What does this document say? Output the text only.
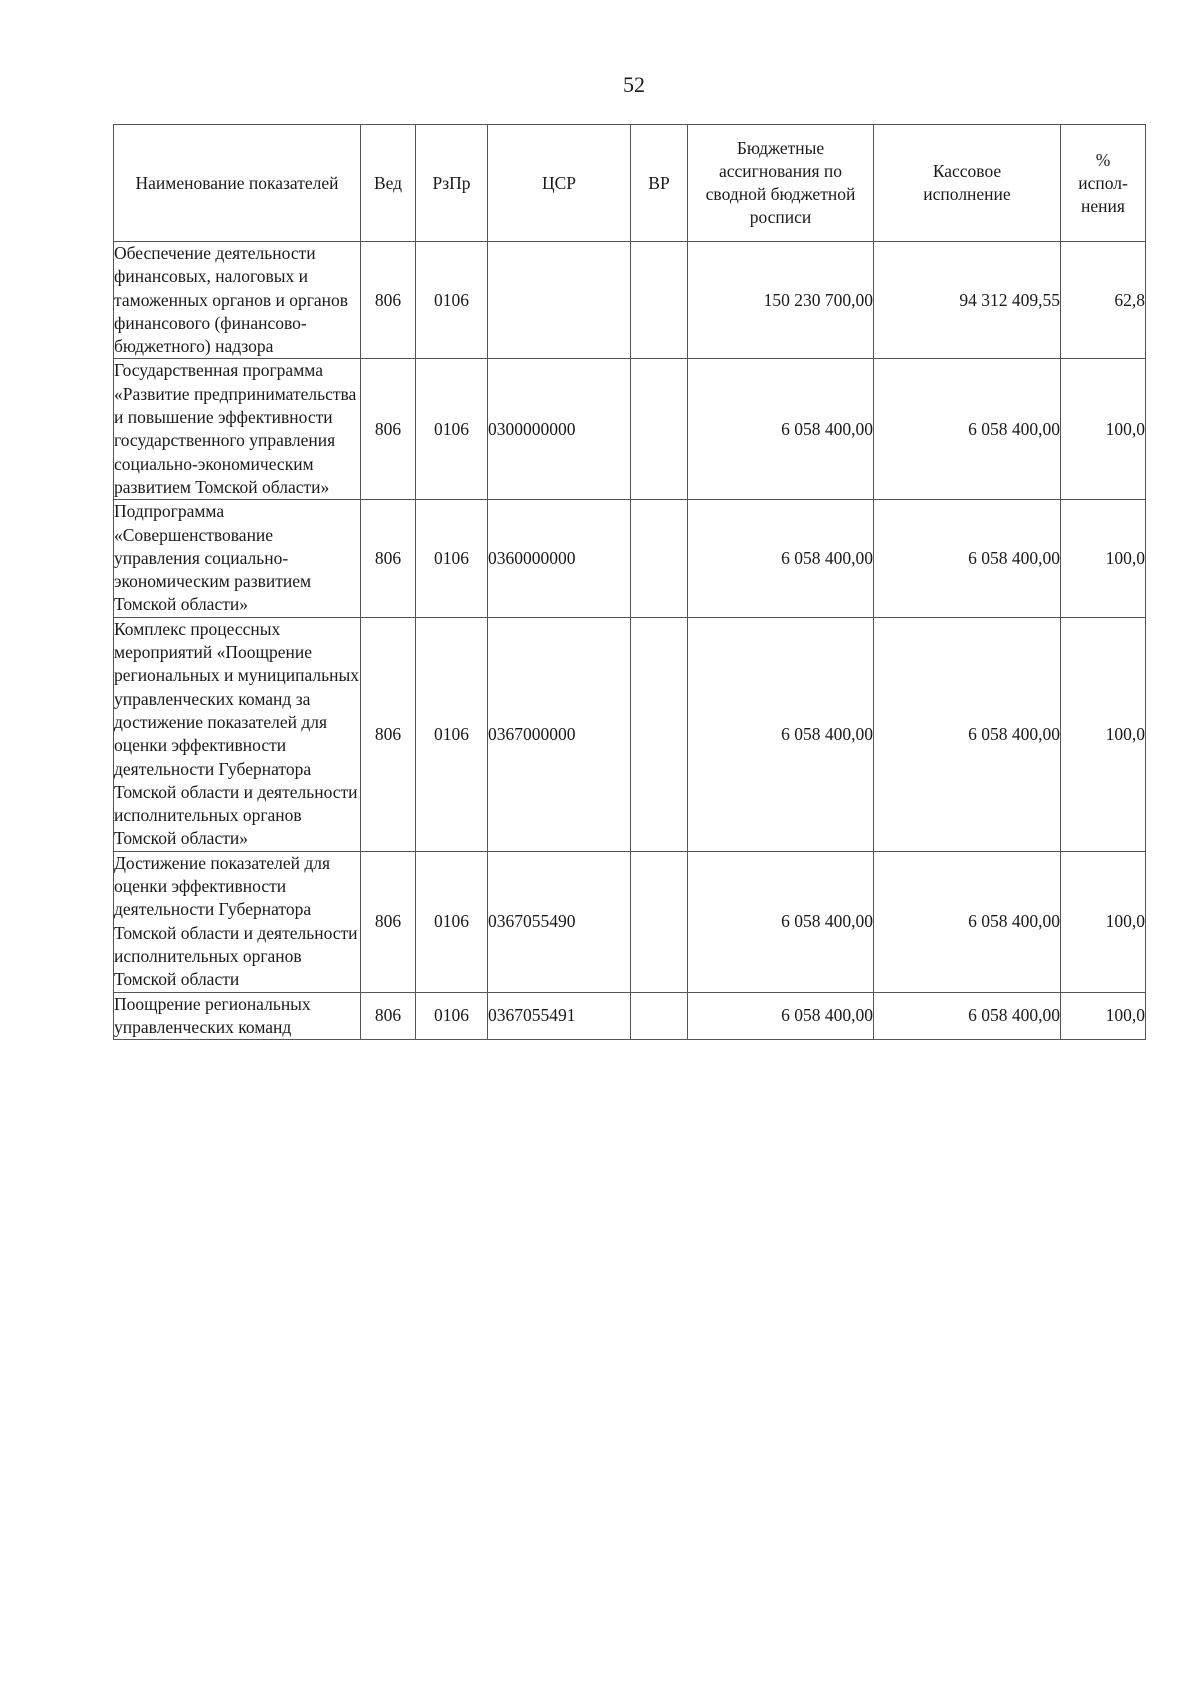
52
Наименование показателей	Вед	РзПр	ЦСР	ВР	Бюджетные ассигнования по сводной бюджетной росписи	Кассовое исполнение	% испол-нения
Обеспечение деятельности финансовых, налоговых и таможенных органов и органов финансового (финансово-бюджетного) надзора	806	0106			150 230 700,00	94 312 409,55	62,8
Государственная программа «Развитие предпринимательства и повышение эффективности государственного управления социально-экономическим развитием Томской области»	806	0106	0300000000		6 058 400,00	6 058 400,00	100,0
Подпрограмма «Совершенствование управления социально-экономическим развитием Томской области»	806	0106	0360000000		6 058 400,00	6 058 400,00	100,0
Комплекс процессных мероприятий «Поощрение региональных и муниципальных управленческих команд за достижение показателей для оценки эффективности деятельности Губернатора Томской области и деятельности исполнительных органов Томской области»	806	0106	0367000000		6 058 400,00	6 058 400,00	100,0
Достижение показателей для оценки эффективности деятельности Губернатора Томской области и деятельности исполнительных органов Томской области	806	0106	0367055490		6 058 400,00	6 058 400,00	100,0
Поощрение региональных управленческих команд	806	0106	0367055491		6 058 400,00	6 058 400,00	100,0
